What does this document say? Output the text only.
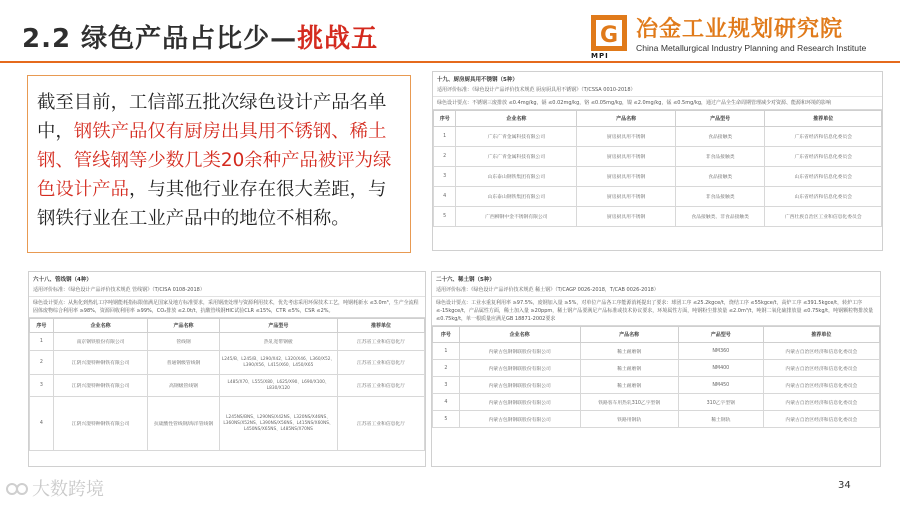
2.2 绿色产品占比少—挑战五	G
MPI
冶金工业规划研究院
China Metallurgical Industry Planning and Research Institute
截至目前，工信部五批次绿色设计产品名单中，钢铁产品仅有厨房出具用不锈钢、稀土钢、管线钢等少数几类20余种产品被评为绿色设计产品，与其他行业存在很大差距，与钢铁行业在工业产品中的地位不相称。
十九、厨房厨具用不锈钢（5种）
适用评价标准：《绿色设计产品评价技术规范 厨房厨具用不锈钢》（T/CSSA 0010-2018）
绿色设计要点：不锈钢三废排放 ≤0.4mg/kg，镉 ≤0.02mg/kg，铬 ≤0.05mg/kg，镍 ≤2.0mg/kg，锰 ≤0.5mg/kg，通过产品全生命周期管理减少对资源、能源和环境的影响
序号	企业名称	产品名称	产品型号	推荐单位
1	广东广青金属科技有限公司	厨房厨具用不锈钢	食品接触类	广东省经济和信息化委员会
2	广东广青金属科技有限公司	厨房厨具用不锈钢	非食品接触类	广东省经济和信息化委员会
3	山东泰山钢铁集团有限公司	厨房厨具用不锈钢	食品接触类	山东省经济和信息化委员会
4	山东泰山钢铁集团有限公司	厨房厨具用不锈钢	非食品接触类	山东省经济和信息化委员会
5	广西柳钢中金不锈钢有限公司	厨房厨具用不锈钢	食品接触类、非食品接触类	广西壮族自治区工业和信息化委员会
六十八、管线钢（4种）
适用评价标准：《绿色设计产品评价技术规范 管线钢》（T/CISA 0108-2018）
绿色设计要点：从焦化到热轧工序吨钢能耗指标限值满足国家及地方标准要求，采用钢渣处理与资源利用技术，优先考虑采用环保技术工艺，吨钢耗新水 ≤3.0m³，生产全流程固体废物综合利用率 ≥98%，资源回收利用率 ≥99%，CO₂排放 ≤2.0t/t，抗酸管线钢HIC试验CLR ≤15%，CTR ≤5%，CSR ≤2%。
序号	企业名称	产品名称	产品型号	推荐单位
1	南京钢铁股份有限公司	管线钢	热轧宽带钢板	江苏省工业和信息化厅
2	江阴兴澄特种钢铁有限公司	普通钢级管线钢	L245/B、L245/B、L290/X42、L320/X46、L360/X52、L390/X56、L415/X60、L450/X65	江苏省工业和信息化厅
3	江阴兴澄特种钢铁有限公司	高钢级管线钢	L485/X70、L555/X80、L625/X90、L690/X100、L830/X120	江苏省工业和信息化厅
4	江阴兴澄特种钢铁有限公司	抗硫酸性管线钢/海洋管线钢	L245NS/BNS、L290NS/X42NS、L320NS/X46NS、L360NS/X52NS、L390NS/X56NS、L415NS/X60NS、L450NS/X65NS、L485NS/X70NS	江苏省工业和信息化厅
二十六、稀土钢（5种）
适用评价标准：《绿色设计产品评价技术规范 稀土钢》（T/CAGP 0026-2018，T/CAB 0026-2018）
绿色设计要点：工业水重复利用率 ≥97.5%，废钢加入量 ≥5%，对单位产品各工序能源消耗提出了要求：球团工序 ≤25.2kgce/t，烧结工序 ≤55kgce/t，高炉工序 ≤391.5kgce/t，转炉工序 ≤-15kgce/t，产品属性方面，稀土加入量 ≥20ppm，稀土钢产品要满足产品标准或技术协议要求，环境属性方面，吨钢粉尘排放量 ≤2.0m³/t，吨钢二氧化硫排放量 ≤0.75kg/t，吨钢颗粒物排放量 ≤0.75kg/t，单一根质量应满足GB 18871-2002要求
序号	企业名称	产品名称	产品型号	推荐单位
1	内蒙古包钢钢联股份有限公司	稀土耐磨钢	NM360	内蒙古自治区经济和信息化委员会
2	内蒙古包钢钢联股份有限公司	稀土耐磨钢	NM400	内蒙古自治区经济和信息化委员会
3	内蒙古包钢钢联股份有限公司	稀土耐磨钢	NM450	内蒙古自治区经济和信息化委员会
4	内蒙古包钢钢联股份有限公司	铁路客车用热轧310乙字型钢	310乙字型钢	内蒙古自治区经济和信息化委员会
5	内蒙古包钢钢联股份有限公司	铁路用钢轨	稀土钢轨	内蒙古自治区经济和信息化委员会
大数跨境	34
